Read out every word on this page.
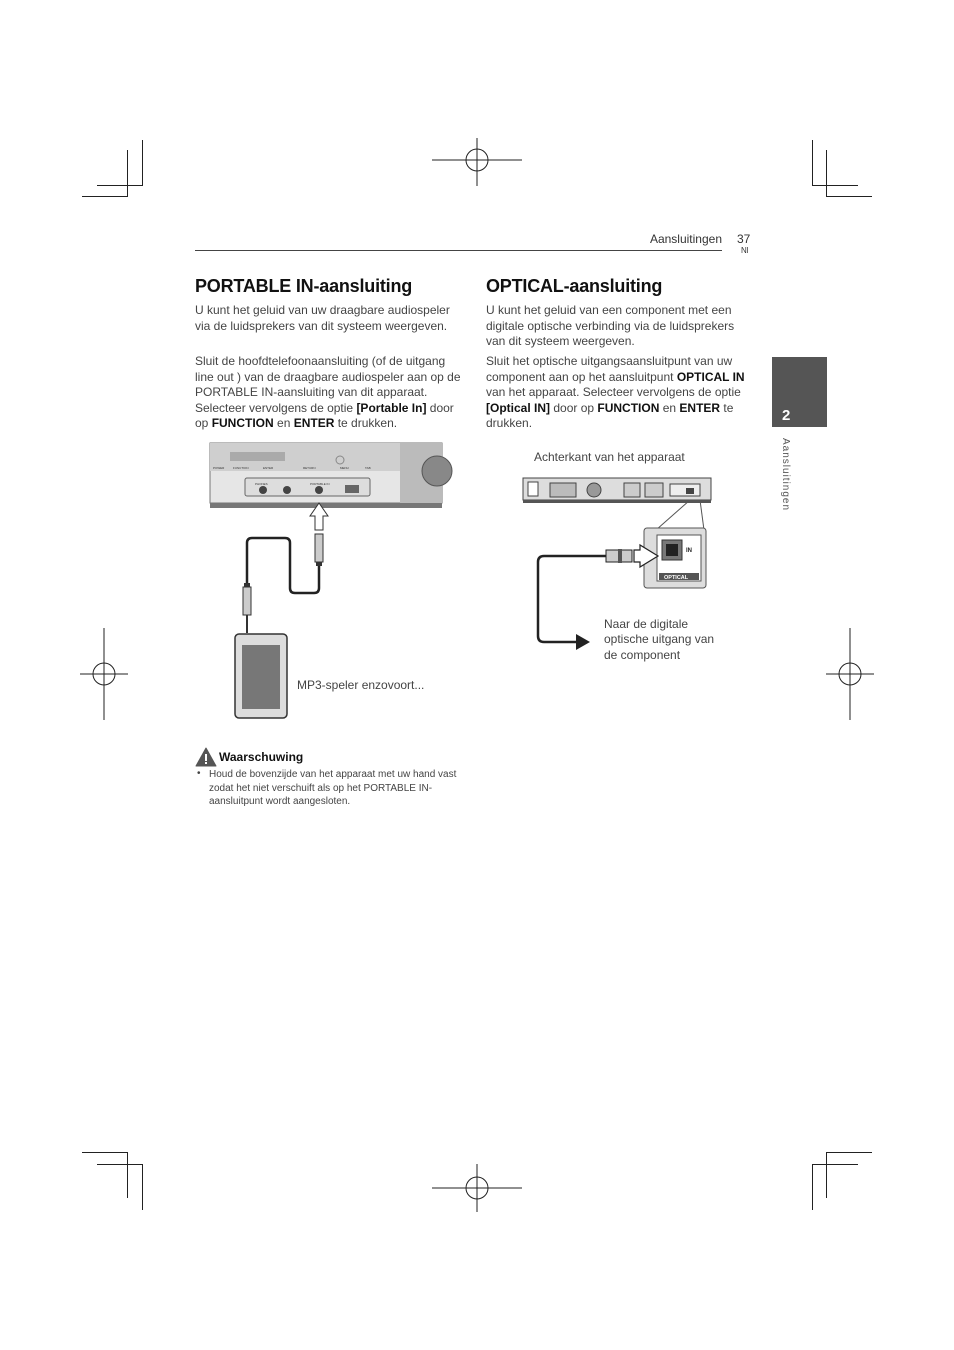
Aansluitingen 37
Nl
2
Aansluitingen
PORTABLE IN-aansluiting
U kunt het geluid van uw draagbare audiospeler via de luidsprekers van dit systeem weergeven.
Sluit de hoofdtelefoonaansluiting (of de uitgang line out ) van de draagbare audiospeler aan op de PORTABLE IN-aansluiting van dit apparaat. Selecteer vervolgens de optie [Portable In] door op FUNCTION en ENTER te drukken.
POWER	FUNCTION	ENTER	RETURN	MENU	TAB
PHONES	PORTABLE IN
MP3-speler enzovoort...
Waarschuwing
• Houd de bovenzijde van het apparaat met uw hand vast zodat het niet verschuift als op het PORTABLE IN-aansluitpunt wordt aangesloten.
OPTICAL-aansluiting
U kunt het geluid van een component met een digitale optische verbinding via de luidsprekers van dit systeem weergeven.
Sluit het optische uitgangsaansluitpunt van uw component aan op het aansluitpunt OPTICAL IN van het apparaat. Selecteer vervolgens de optie [Optical IN] door op FUNCTION en ENTER te drukken.
Achterkant van het apparaat
IN
OPTICAL
Naar de digitale
optische uitgang van
de component
